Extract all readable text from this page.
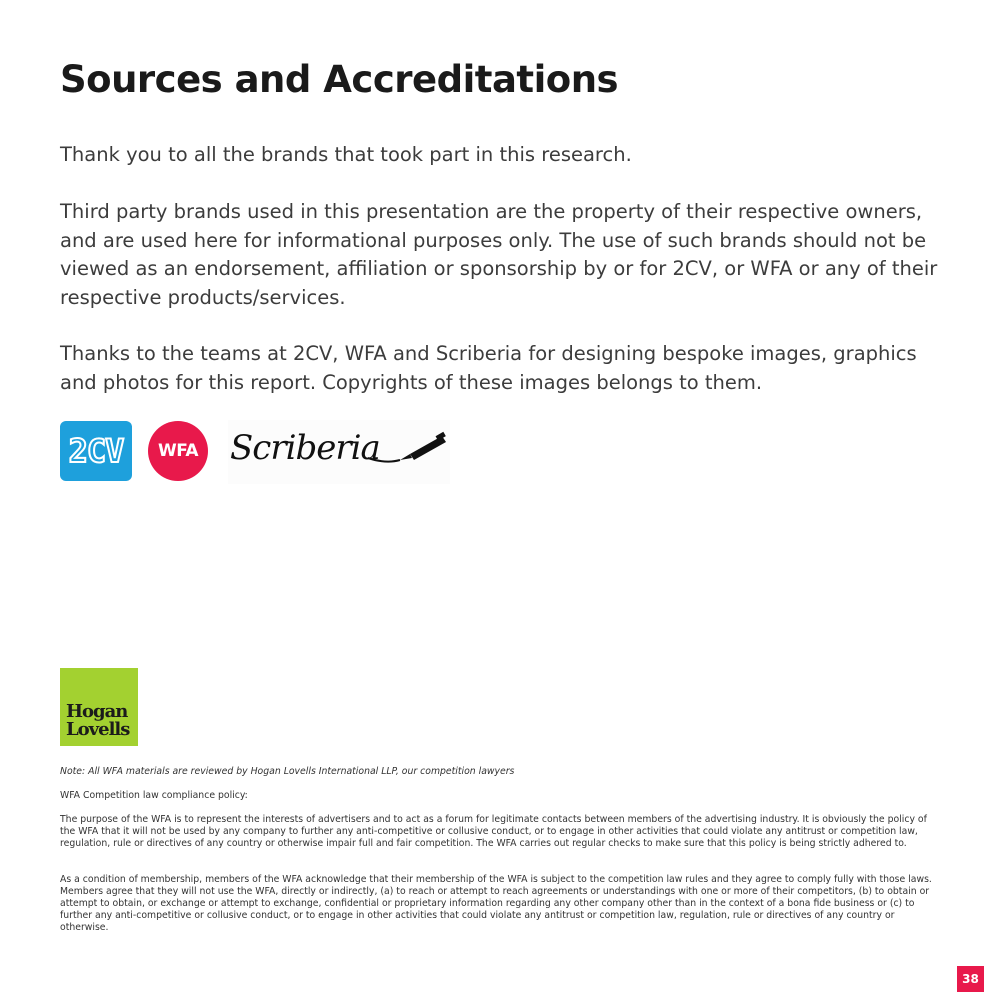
Sources and Accreditations

Thank you to all the brands that took part in this research.

Third party brands used in this presentation are the property of their respective owners, and are used here for informational purposes only. The use of such brands should not be viewed as an endorsement, affiliation or sponsorship by or for 2CV, or WFA or any of their respective products/services.

Thanks to the teams at 2CV, WFA and Scriberia for designing bespoke images, graphics and photos for this report. Copyrights of these images belongs to them.

2CV WFA Scriberia
Hogan
Lovells

Note: All WFA materials are reviewed by Hogan Lovells International LLP, our competition lawyers

WFA Competition law compliance policy:

The purpose of the WFA is to represent the interests of advertisers and to act as a forum for legitimate contacts between members of the advertising industry. It is obviously the policy of the WFA that it will not be used by any company to further any anti-competitive or collusive conduct, or to engage in other activities that could violate any antitrust or competition law, regulation, rule or directives of any country or otherwise impair full and fair competition. The WFA carries out regular checks to make sure that this policy is being strictly adhered to.

As a condition of membership, members of the WFA acknowledge that their membership of the WFA is subject to the competition law rules and they agree to comply fully with those laws. Members agree that they will not use the WFA, directly or indirectly, (a) to reach or attempt to reach agreements or understandings with one or more of their competitors, (b) to obtain or attempt to obtain, or exchange or attempt to exchange, confidential or proprietary information regarding any other company other than in the context of a bona fide business or (c) to further any anti-competitive or collusive conduct, or to engage in other activities that could violate any antitrust or competition law, regulation, rule or directives of any country or otherwise.

38
